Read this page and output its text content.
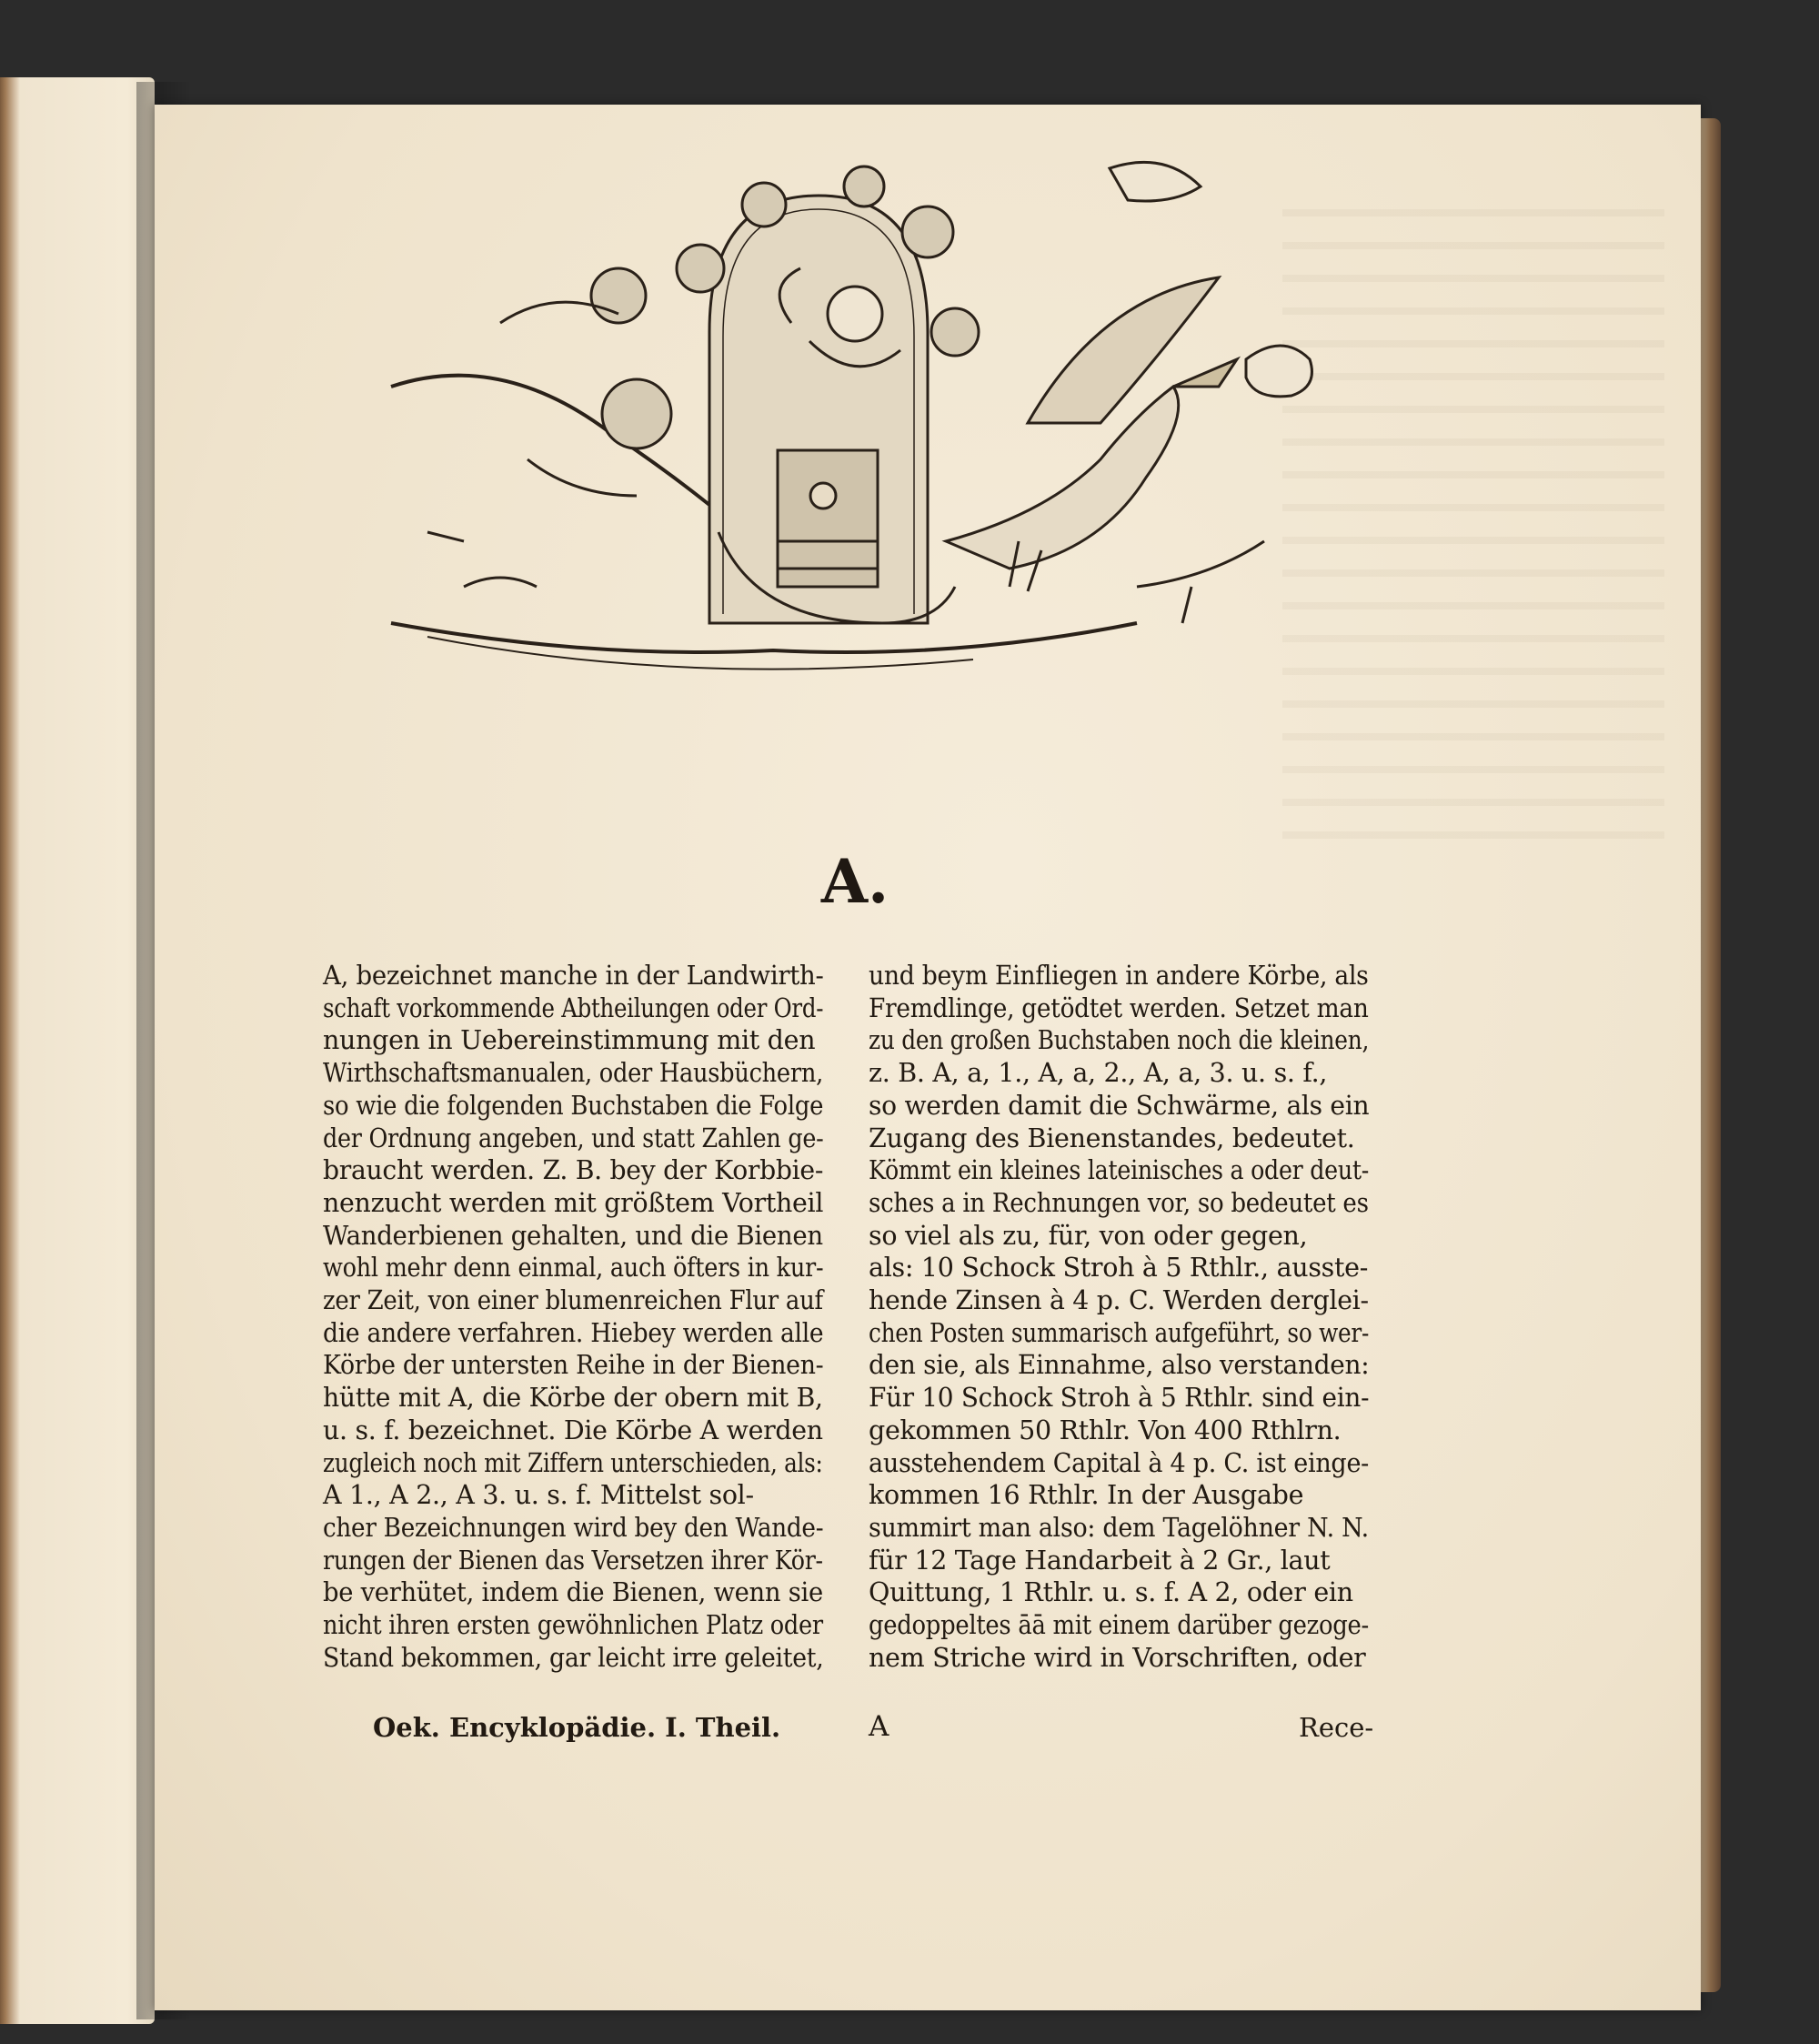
A.
A, bezeichnet manche in der Landwirth-
schaft vorkommende Abtheilungen oder Ord-
nungen in Uebereinstimmung mit den
Wirthschaftsmanualen, oder Hausbüchern,
so wie die folgenden Buchstaben die Folge
der Ordnung angeben, und statt Zahlen ge-
braucht werden. Z. B. bey der Korbbie-
nenzucht werden mit größtem Vortheil
Wanderbienen gehalten, und die Bienen
wohl mehr denn einmal, auch öfters in kur-
zer Zeit, von einer blumenreichen Flur auf
die andere verfahren. Hiebey werden alle
Körbe der untersten Reihe in der Bienen-
hütte mit A, die Körbe der obern mit B,
u. s. f. bezeichnet. Die Körbe A werden
zugleich noch mit Ziffern unterschieden, als:
A 1., A 2., A 3. u. s. f. Mittelst sol-
cher Bezeichnungen wird bey den Wande-
rungen der Bienen das Versetzen ihrer Kör-
be verhütet, indem die Bienen, wenn sie
nicht ihren ersten gewöhnlichen Platz oder
Stand bekommen, gar leicht irre geleitet,
und beym Einfliegen in andere Körbe, als
Fremdlinge, getödtet werden. Setzet man
zu den großen Buchstaben noch die kleinen,
z. B. A, a, 1., A, a, 2., A, a, 3. u. s. f.,
so werden damit die Schwärme, als ein
Zugang des Bienenstandes, bedeutet.
Kömmt ein kleines lateinisches a oder deut-
sches a in Rechnungen vor, so bedeutet es
so viel als zu, für, von oder gegen,
als: 10 Schock Stroh à 5 Rthlr., ausste-
hende Zinsen à 4 p. C. Werden derglei-
chen Posten summarisch aufgeführt, so wer-
den sie, als Einnahme, also verstanden:
Für 10 Schock Stroh à 5 Rthlr. sind ein-
gekommen 50 Rthlr. Von 400 Rthlrn.
ausstehendem Capital à 4 p. C. ist einge-
kommen 16 Rthlr. In der Ausgabe
summirt man also: dem Tagelöhner N. N.
für 12 Tage Handarbeit à 2 Gr., laut
Quittung, 1 Rthlr. u. s. f. A 2, oder ein
gedoppeltes āā mit einem darüber gezoge-
nem Striche wird in Vorschriften, oder
Oek. Encyklopädie. I. Theil.	A	Rece-
